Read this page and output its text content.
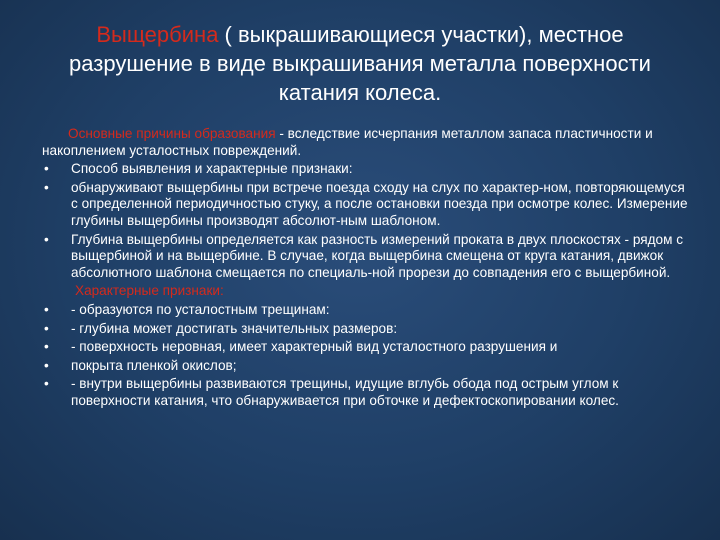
Выщербина ( выкрашивающиеся участки), местное разрушение в виде выкрашивания металла поверхности катания колеса.

Основные причины образования - вследствие исчерпания металлом запаса пластичности и накоплением усталостных повреждений.

• Способ выявления и характерные признаки:
• обнаруживают выщербины при встрече поезда сходу на слух по характер-ном, повторяющемуся с определенной периодичностью стуку, а после остановки поезда при осмотре колес. Измерение глубины выщербины производят абсолют-ным шаблоном.
• Глубина выщербины определяется как разность измерений проката в двух плоскостях - рядом с выщербиной и на выщербине. В случае, когда выщербина смещена от круга катания, движок абсолютного шаблона смещается по специаль-ной прорези до совпадения его с выщербиной.
Характерные признаки:
• - образуются по усталостным трещинам:
• - глубина может достигать значительных размеров:
• - поверхность неровная, имеет характерный вид усталостного разрушения и
• покрыта пленкой окислов;
• - внутри выщербины развиваются трещины, идущие вглубь обода под острым углом к поверхности катания, что обнаруживается при обточке и дефектоскопировании колес.
